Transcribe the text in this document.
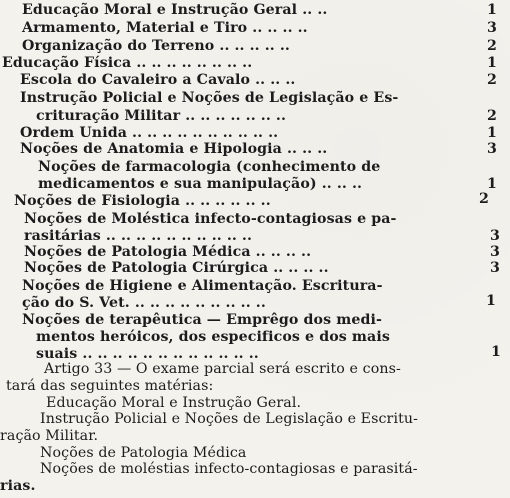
Educação Moral e Instrução Geral .. ..	1
Armamento, Material e Tiro .. .. .. ..	3
Organização do Terreno .. .. .. .. ..	2
Educação Física .. .. .. .. .. .. .. ..	1
Escola do Cavaleiro a Cavalo .. .. ..	2
Instrução Policial e Noções de Legislação e Es-
crituração Militar .. .. .. .. .. .. ..	2
Ordem Unida .. .. .. .. .. .. .. .. .. ..	1
Noções de Anatomia e Hipologia .. .. ..	3
Noções de farmacologia (conhecimento de
medicamentos e sua manipulação) .. .. ..	1
Noções de Fisiologia .. .. .. .. .. ..	2
Noções de Moléstica infecto-contagiosas e pa-
rasitárias .. .. .. .. .. .. .. .. .. ..	3
Noções de Patologia Médica .. .. .. ..	3
Noções de Patologia Cirúrgica .. .. .. ..	3
Noções de Higiene e Alimentação. Escritura-
ção do S. Vet. .. .. .. .. .. .. .. .. ..	1
Noções de terapêutica — Emprêgo dos medi-
mentos heróicos, dos especificos e dos mais
suais .. .. .. .. .. .. .. .. .. .. .. ..	1
Artigo 33 — O exame parcial será escrito e cons-
tará das seguintes matérias:
Educação Moral e Instrução Geral.
Instrução Policial e Noções de Legislação e Escritu-
ração Militar.
Noções de Patologia Médica
Noções de moléstias infecto-contagiosas e parasitá-
rias.
